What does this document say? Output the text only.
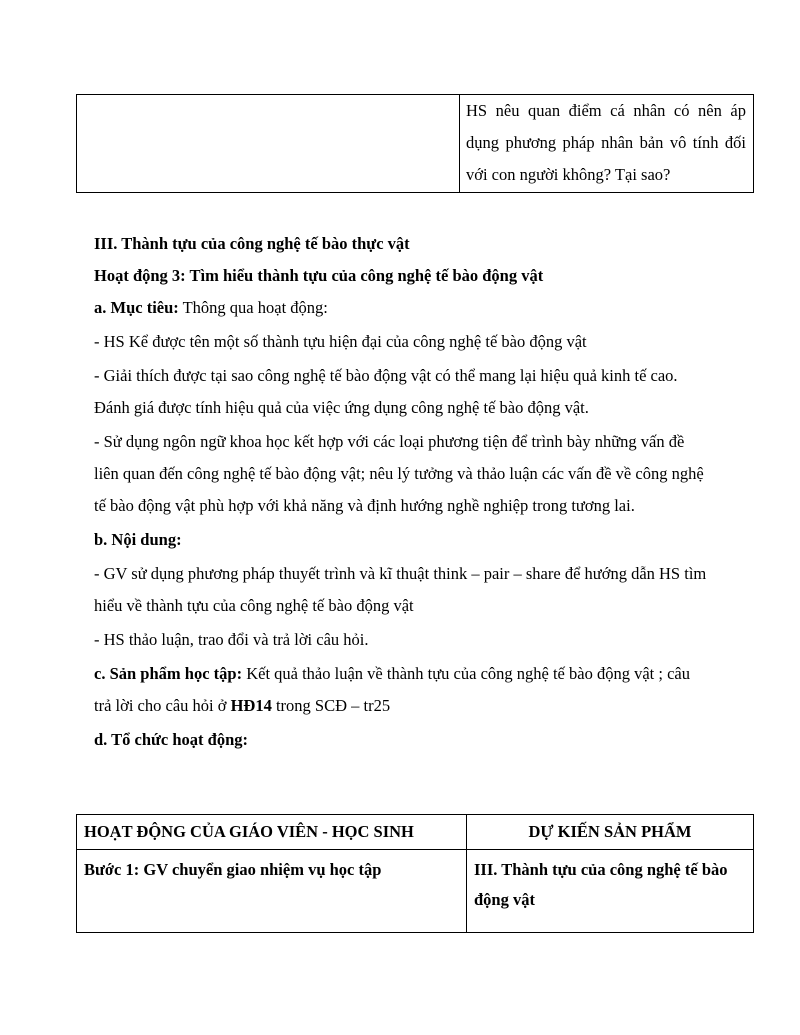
	HS nêu quan điểm cá nhân có nên áp dụng phương pháp nhân bản vô tính đối với con người không? Tại sao?
III. Thành tựu của công nghệ tế bào thực vật
Hoạt động 3: Tìm hiểu thành tựu của công nghệ tế bào động vật
a. Mục tiêu: Thông qua hoạt động:
- HS Kể được tên một số thành tựu hiện đại của công nghệ tế bào động vật
- Giải thích được tại sao công nghệ tế bào động vật có thể mang lại hiệu quả kinh tế cao. Đánh giá được tính hiệu quả của việc ứng dụng công nghệ tế bào động vật.
- Sử dụng ngôn ngữ khoa học kết hợp với các loại phương tiện để trình bày những vấn đề liên quan đến công nghệ tế bào động vật; nêu lý tưởng và thảo luận các vấn đề về công nghệ tế bào động vật phù hợp với khả năng và định hướng nghề nghiệp trong tương lai.
b. Nội dung:
- GV sử dụng phương pháp thuyết trình và kĩ thuật think – pair – share để hướng dẫn HS tìm hiểu về thành tựu của công nghệ tế bào động vật
- HS thảo luận, trao đổi và trả lời câu hỏi.
c. Sản phẩm học tập: Kết quả thảo luận về thành tựu của công nghệ tế bào động vật ; câu trả lời cho câu hỏi ở HĐ14 trong SCĐ – tr25
d. Tổ chức hoạt động:
HOẠT ĐỘNG CỦA GIÁO VIÊN - HỌC SINH	DỰ KIẾN SẢN PHẨM
Bước 1: GV chuyển giao nhiệm vụ học tập	III. Thành tựu của công nghệ tế bào động vật
